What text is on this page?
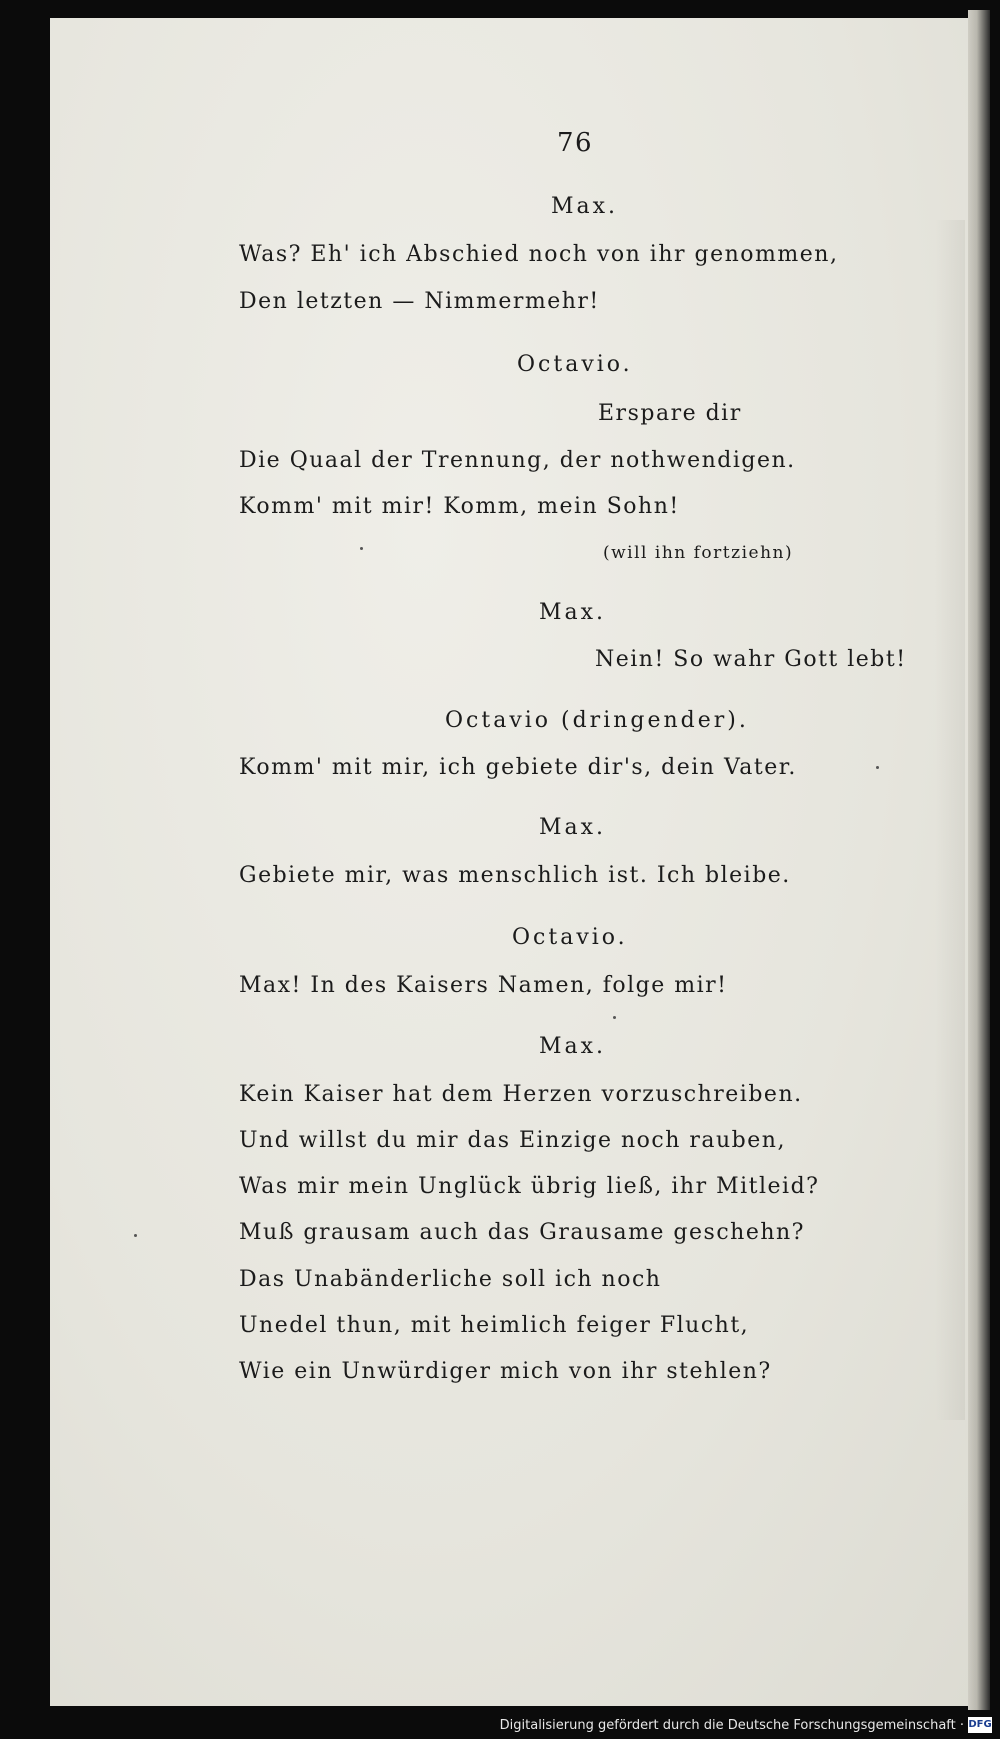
76
Max.
Was? Eh' ich Abschied noch von ihr genommen,
Den letzten — Nimmermehr!
Octavio.
Erspare dir
Die Quaal der Trennung, der nothwendigen.
Komm' mit mir! Komm, mein Sohn!
(will ihn fortziehn)
Max.
Nein! So wahr Gott lebt!
Octavio (dringender).
Komm' mit mir, ich gebiete dir's, dein Vater.
Max.
Gebiete mir, was menschlich ist. Ich bleibe.
Octavio.
Max! In des Kaisers Namen, folge mir!
Max.
Kein Kaiser hat dem Herzen vorzuschreiben.
Und willst du mir das Einzige noch rauben,
Was mir mein Unglück übrig ließ, ihr Mitleid?
Muß grausam auch das Grausame geschehn?
Das Unabänderliche soll ich noch
Unedel thun, mit heimlich feiger Flucht,
Wie ein Unwürdiger mich von ihr stehlen?
Digitalisierung gefördert durch die Deutsche Forschungsgemeinschaft · DFG
